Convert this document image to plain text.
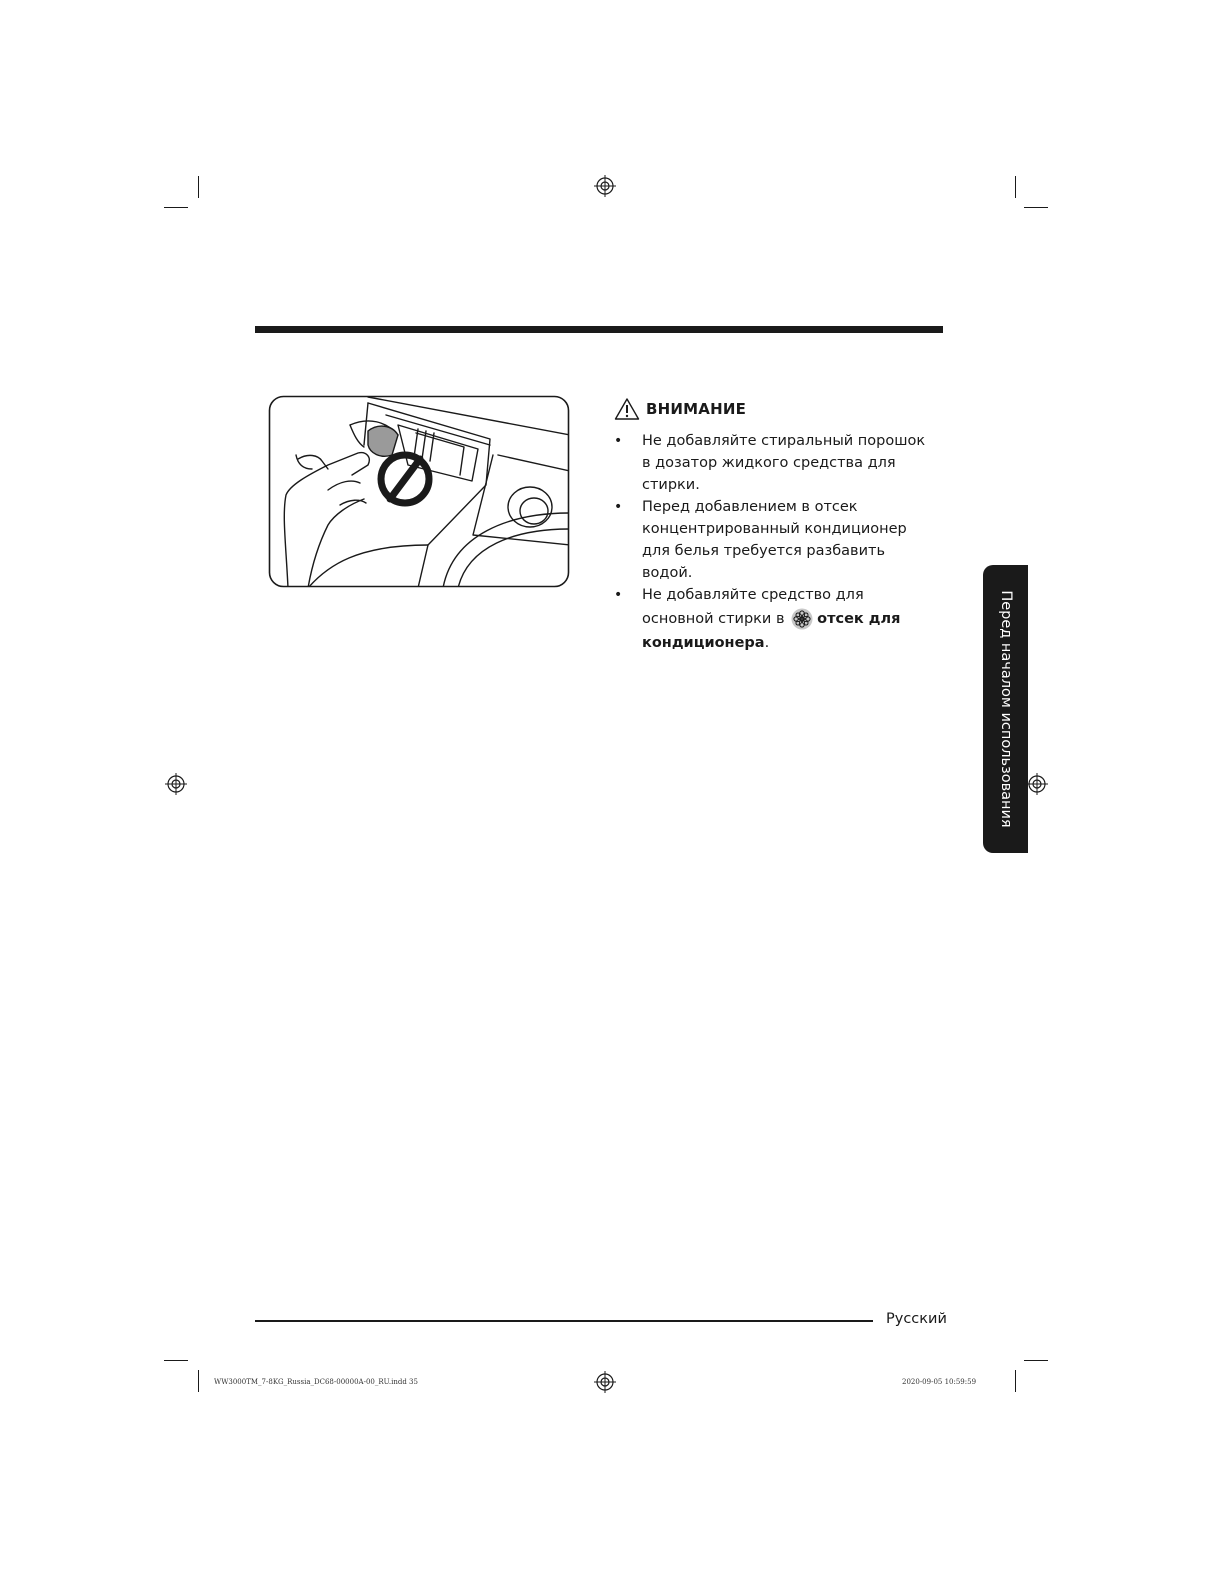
ВНИМАНИЕ
• Не добавляйте стиральный порошок в дозатор жидкого средства для стирки.
• Перед добавлением в отсек концентрированный кондиционер для белья требуется разбавить водой.
• Не добавляйте средство для основной стирки в отсек для кондиционера.	Перед началом использования
Русский
WW3000TM_7-8KG_Russia_DC68-00000A-00_RU.indd 35	2020-09-05 10:59:59
